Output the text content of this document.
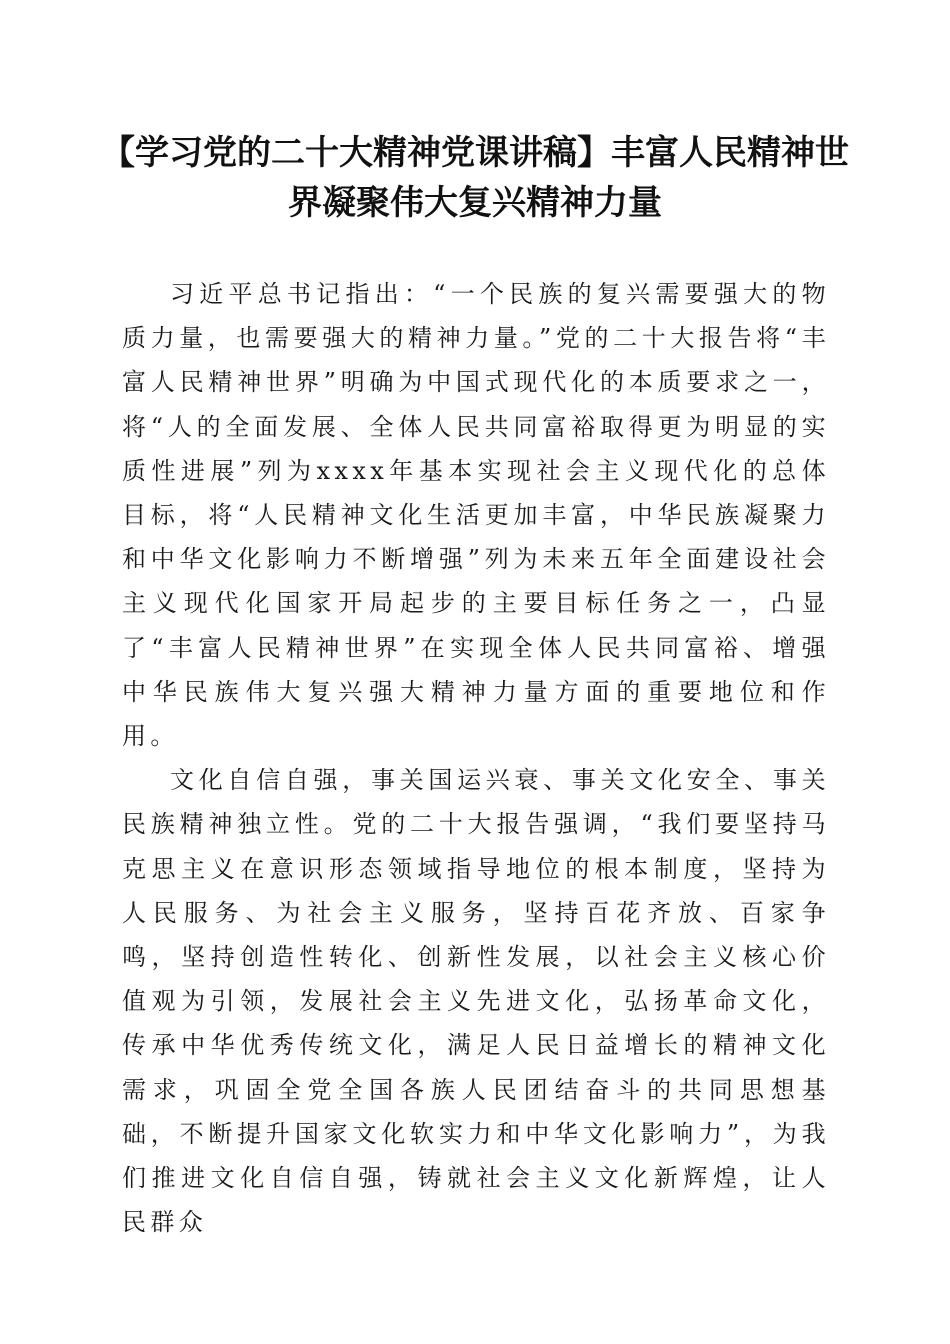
【学习党的二十大精神党课讲稿】丰富人民精神世界凝聚伟大复兴精神力量

习近平总书记指出：“一个民族的复兴需要强大的物质力量，也需要强大的精神力量。”党的二十大报告将“丰富人民精神世界”明确为中国式现代化的本质要求之一，将“人的全面发展、全体人民共同富裕取得更为明显的实质性进展”列为xxxx年基本实现社会主义现代化的总体目标，将“人民精神文化生活更加丰富，中华民族凝聚力和中华文化影响力不断增强”列为未来五年全面建设社会主义现代化国家开局起步的主要目标任务之一，凸显了“丰富人民精神世界”在实现全体人民共同富裕、增强中华民族伟大复兴强大精神力量方面的重要地位和作用。

文化自信自强，事关国运兴衰、事关文化安全、事关民族精神独立性。党的二十大报告强调，“我们要坚持马克思主义在意识形态领域指导地位的根本制度，坚持为人民服务、为社会主义服务，坚持百花齐放、百家争鸣，坚持创造性转化、创新性发展，以社会主义核心价值观为引领，发展社会主义先进文化，弘扬革命文化，传承中华优秀传统文化，满足人民日益增长的精神文化需求，巩固全党全国各族人民团结奋斗的共同思想基础，不断提升国家文化软实力和中华文化影响力”，为我们推进文化自信自强，铸就社会主义文化新辉煌，让人民群众
